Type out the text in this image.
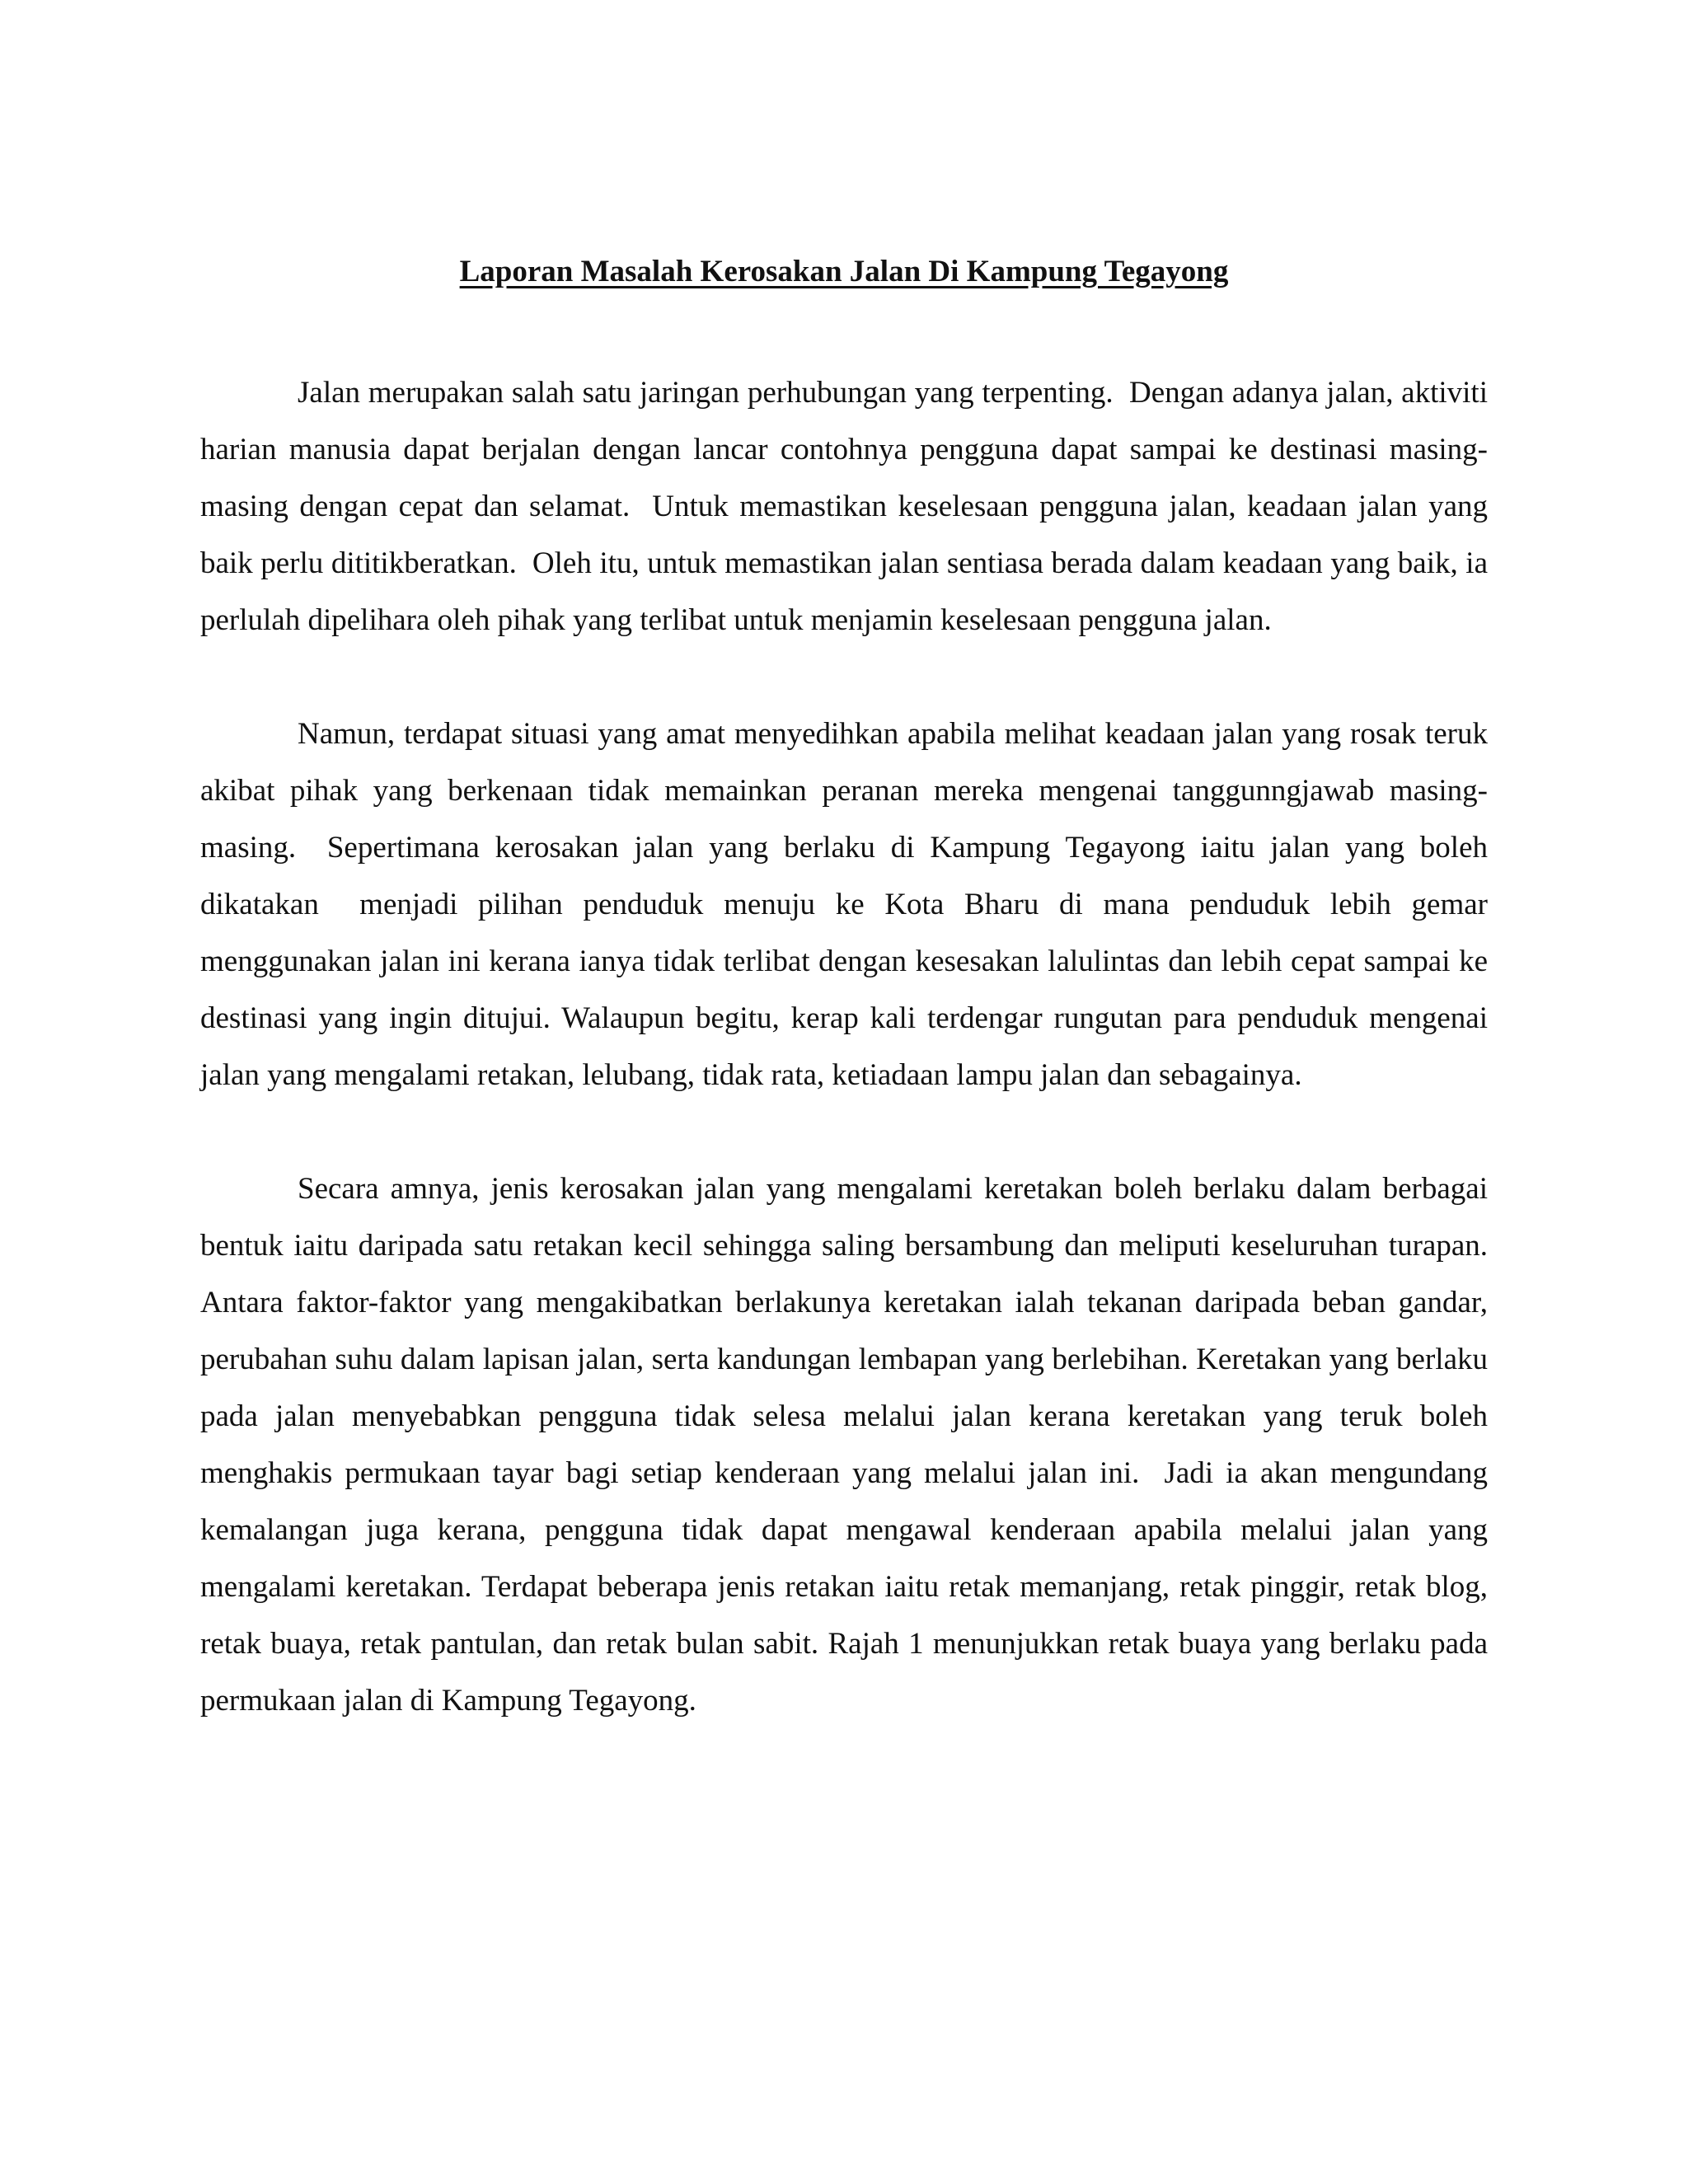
Laporan Masalah Kerosakan Jalan Di Kampung Tegayong

Jalan merupakan salah satu jaringan perhubungan yang terpenting.  Dengan adanya jalan, aktiviti harian manusia dapat berjalan dengan lancar contohnya pengguna dapat sampai ke destinasi masing-masing dengan cepat dan selamat.  Untuk memastikan keselesaan pengguna jalan, keadaan jalan yang baik perlu dititikberatkan.  Oleh itu, untuk memastikan jalan sentiasa berada dalam keadaan yang baik, ia perlulah dipelihara oleh pihak yang terlibat untuk menjamin keselesaan pengguna jalan.

Namun, terdapat situasi yang amat menyedihkan apabila melihat keadaan jalan yang rosak teruk akibat pihak yang berkenaan tidak memainkan peranan mereka mengenai tanggunngjawab masing-masing.  Sepertimana kerosakan jalan yang berlaku di Kampung Tegayong iaitu jalan yang boleh dikatakan  menjadi pilihan penduduk menuju ke Kota Bharu di mana penduduk lebih gemar menggunakan jalan ini kerana ianya tidak terlibat dengan kesesakan lalulintas dan lebih cepat sampai ke destinasi yang ingin ditujui. Walaupun begitu, kerap kali terdengar rungutan para penduduk mengenai jalan yang mengalami retakan, lelubang, tidak rata, ketiadaan lampu jalan dan sebagainya.

Secara amnya, jenis kerosakan jalan yang mengalami keretakan boleh berlaku dalam berbagai bentuk iaitu daripada satu retakan kecil sehingga saling bersambung dan meliputi keseluruhan turapan.  Antara faktor-faktor yang mengakibatkan berlakunya keretakan ialah tekanan daripada beban gandar, perubahan suhu dalam lapisan jalan, serta kandungan lembapan yang berlebihan. Keretakan yang berlaku pada jalan menyebabkan pengguna tidak selesa melalui jalan kerana keretakan yang teruk boleh menghakis permukaan tayar bagi setiap kenderaan yang melalui jalan ini.  Jadi ia akan mengundang kemalangan juga kerana, pengguna tidak dapat mengawal kenderaan apabila melalui jalan yang mengalami keretakan. Terdapat beberapa jenis retakan iaitu retak memanjang, retak pinggir, retak blog, retak buaya, retak pantulan, dan retak bulan sabit. Rajah 1 menunjukkan retak buaya yang berlaku pada permukaan jalan di Kampung Tegayong.
